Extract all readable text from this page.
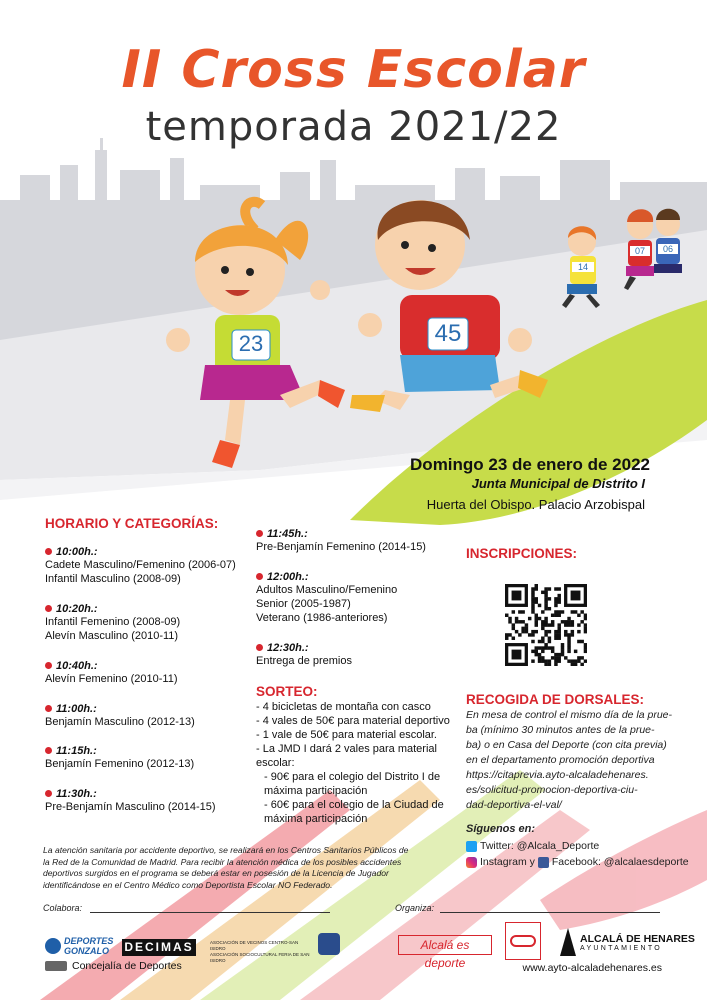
23	45
14
07	06
II Cross Escolar
temporada 2021/22
Domingo 23 de enero de 2022
Junta Municipal de Distrito I
Huerta del Obispo. Palacio Arzobispal
HORARIO Y CATEGORÍAS:
10:00h.:
Cadete Masculino/Femenino (2006-07)
Infantil Masculino (2008-09)
10:20h.:
Infantil Femenino (2008-09)
Alevín Masculino (2010-11)
10:40h.:
Alevín Femenino (2010-11)
11:00h.:
Benjamín Masculino (2012-13)
11:15h.:
Benjamín Femenino (2012-13)
11:30h.:
Pre-Benjamín Masculino (2014-15)
11:45h.:
Pre-Benjamín Femenino (2014-15)
12:00h.:
Adultos Masculino/Femenino
Senior (2005-1987)
Veterano (1986-anteriores)
12:30h.:
Entrega de premios
SORTEO:
- 4 bicicletas de montaña con casco
- 4 vales de 50€ para material deportivo
- 1 vale de 50€ para material escolar.
- La JMD I dará 2 vales para material
escolar:
- 90€ para el colegio del Distrito I de
máxima participación
- 60€ para el colegio de la Ciudad de
máxima participación
INSCRIPCIONES:
RECOGIDA DE DORSALES:
En mesa de control el mismo día de la prue-
ba (mínimo 30 minutos antes de la prue-
ba) o en Casa del Deporte (con cita previa)
en el departamento promoción deportiva
https://citaprevia.ayto-alcaladehenares.
es/solicitud-promocion-deportiva-ciu-
dad-deportiva-el-val/
Síguenos en:
Twitter: @Alcala_Deporte
Instagram y Facebook: @alcalaesdeporte
La atención sanitaria por accidente deportivo, se realizará en los Centros Sanitarios Públicos de
la Red de la Comunidad de Madrid. Para recibir la atención médica de los posibles accidentes
deportivos surgidos en el programa se deberá estar en posesión de la Licencia de Jugador
identificándose en el Centro Médico como Deportista Escolar NO Federado.
Colabora:	Organiza:
DEPORTES
GONZALO	DECIMAS	ASOCIACIÓN DE VECINOS CENTRO-SAN ISIDRO
ASOCIACIÓN SOCIOCULTURAL FERIA DE SAN ISIDRO
Concejalía de Deportes
Alcalá es deporte
ALCALÁ DE HENARES
AYUNTAMIENTO
www.ayto-alcaladehenares.es
